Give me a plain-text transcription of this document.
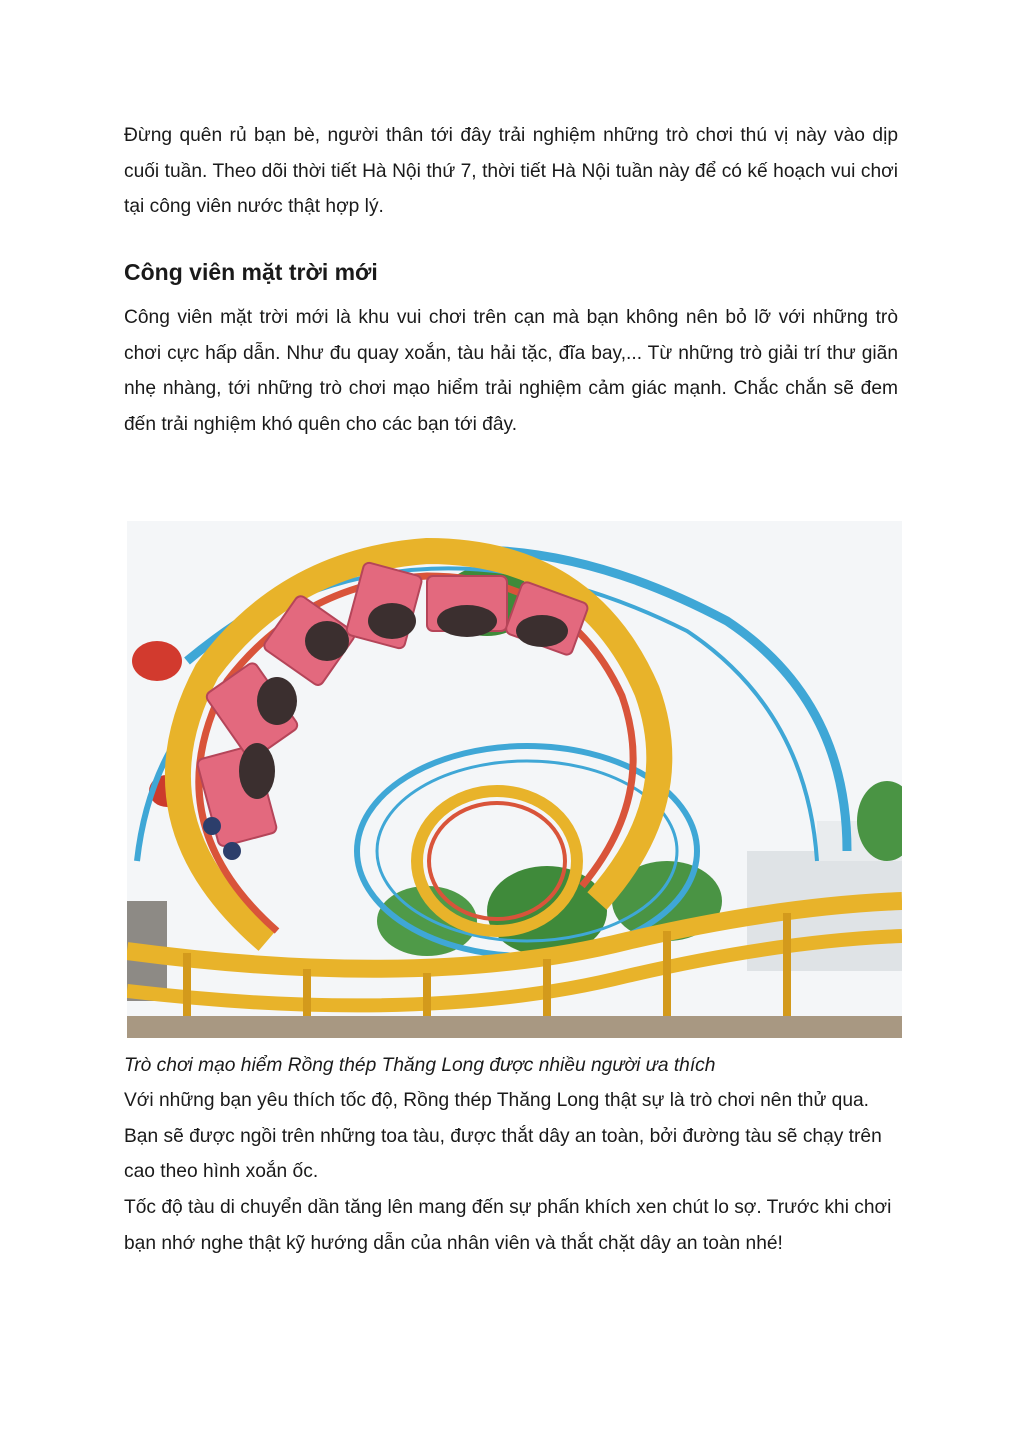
Đừng quên rủ bạn bè, người thân tới đây trải nghiệm những trò chơi thú vị này vào dịp cuối tuần. Theo dõi thời tiết Hà Nội thứ 7, thời tiết Hà Nội tuần này để có kế hoạch vui chơi tại công viên nước thật hợp lý.

Công viên mặt trời mới

Công viên mặt trời mới là khu vui chơi trên cạn mà bạn không nên bỏ lỡ với những trò chơi cực hấp dẫn. Như đu quay xoắn, tàu hải tặc, đĩa bay,... Từ những trò giải trí thư giãn nhẹ nhàng, tới những trò chơi mạo hiểm trải nghiệm cảm giác mạnh. Chắc chắn sẽ đem đến trải nghiệm khó quên cho các bạn tới đây.

Trò chơi mạo hiểm Rồng thép Thăng Long được nhiều người ưa thích

Với những bạn yêu thích tốc độ, Rồng thép Thăng Long thật sự là trò chơi nên thử qua. Bạn sẽ được ngồi trên những toa tàu, được thắt dây an toàn, bởi đường tàu sẽ chạy trên cao theo hình xoắn ốc.

Tốc độ tàu di chuyển dần tăng lên mang đến sự phấn khích xen chút lo sợ. Trước khi chơi bạn nhớ nghe thật kỹ hướng dẫn của nhân viên và thắt chặt dây an toàn nhé!
